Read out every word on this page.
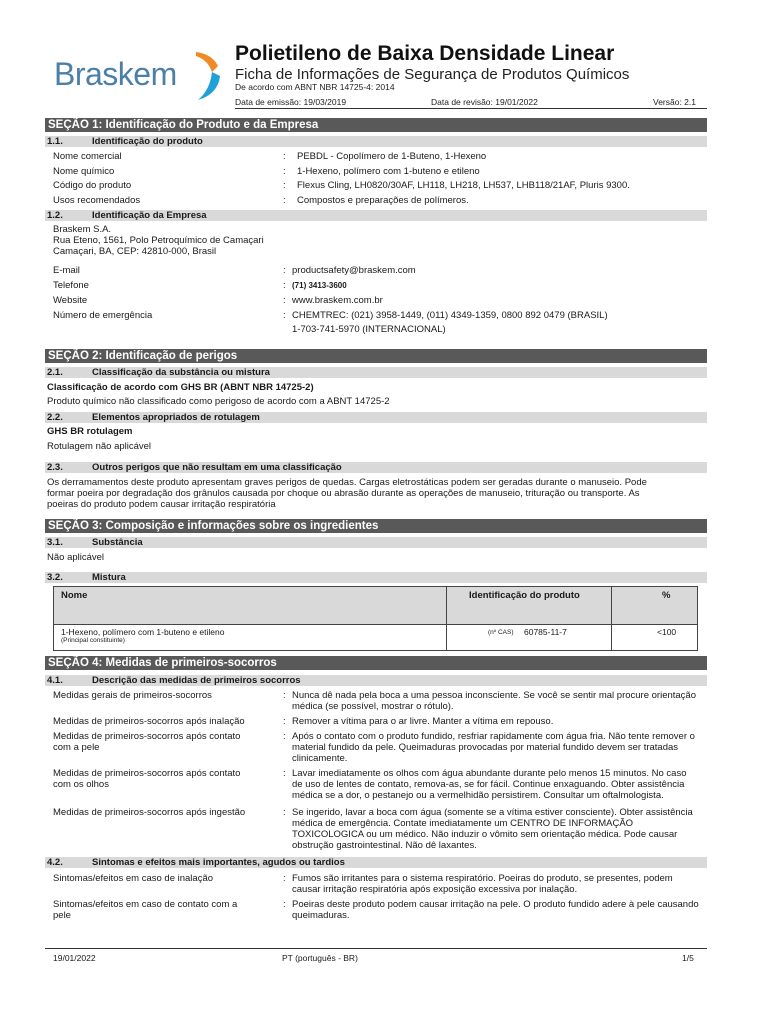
Braskem
Polietileno de Baixa Densidade Linear
Ficha de Informações de Segurança de Produtos Químicos
De acordo com ABNT NBR 14725-4: 2014
Data de emissão: 19/03/2019	Data de revisão: 19/01/2022	Versão: 2.1
SEÇÃO 1: Identificação do Produto e da Empresa
1.1.	Identificação do produto
Nome comercial	: PEBDL - Copolímero de 1-Buteno, 1-Hexeno
Nome químico	: 1-Hexeno, polímero com 1-buteno e etileno
Código do produto	: Flexus Cling, LH0820/30AF, LH118, LH218, LH537, LHB118/21AF, Pluris 9300.
Usos recomendados	: Compostos e preparações de polímeros.
1.2.	Identificação da Empresa
Braskem S.A.
Rua Eteno, 1561, Polo Petroquímico de Camaçari
Camaçari, BA, CEP: 42810-000, Brasil
E-mail	: productsafety@braskem.com
Telefone	: (71) 3413-3600
Website	: www.braskem.com.br
Número de emergência	: CHEMTREC: (021) 3958-1449, (011) 4349-1359, 0800 892 0479 (BRASIL)
1-703-741-5970 (INTERNACIONAL)
SEÇÃO 2: Identificação de perigos
2.1.	Classificação da substância ou mistura
Classificação de acordo com GHS BR (ABNT NBR 14725-2)
Produto químico não classificado como perigoso de acordo com a ABNT 14725-2
2.2.	Elementos apropriados de rotulagem
GHS BR rotulagem
Rotulagem não aplicável
2.3.	Outros perigos que não resultam em uma classificação
Os derramamentos deste produto apresentam graves perigos de quedas. Cargas eletrostáticas podem ser geradas durante o manuseio. Pode
formar poeira por degradação dos grânulos causada por choque ou abrasão durante as operações de manuseio, trituração ou transporte. As
poeiras do produto podem causar irritação respiratória
SEÇÃO 3: Composição e informações sobre os ingredientes
3.1.	Substância
Não aplicável
3.2.	Mistura
Nome	Identificação do produto	%
1-Hexeno, polímero com 1-buteno e etileno
(Principal constituinte)
(nº CAS) 60785-11-7	<100
SEÇÃO 4: Medidas de primeiros-socorros
4.1.	Descrição das medidas de primeiros socorros
Medidas gerais de primeiros-socorros	: Nunca dê nada pela boca a uma pessoa inconsciente. Se você se sentir mal procure orientação
médica (se possível, mostrar o rótulo).
Medidas de primeiros-socorros após inalação	: Remover a vítima para o ar livre. Manter a vítima em repouso.
Medidas de primeiros-socorros após contato
com a pele
: Após o contato com o produto fundido, resfriar rapidamente com água fria. Não tente remover o
material fundido da pele. Queimaduras provocadas por material fundido devem ser tratadas
clinicamente.
Medidas de primeiros-socorros após contato
com os olhos
: Lavar imediatamente os olhos com água abundante durante pelo menos 15 minutos. No caso
de uso de lentes de contato, remova-as, se for fácil. Continue enxaguando. Obter assistência
médica se a dor, o pestanejo ou a vermelhidão persistirem. Consultar um oftalmologista.
Medidas de primeiros-socorros após ingestão	: Se ingerido, lavar a boca com água (somente se a vítima estiver consciente). Obter assistência
médica de emergência. Contate imediatamente um CENTRO DE INFORMAÇÃO
TOXICOLOGICA ou um médico. Não induzir o vômito sem orientação médica. Pode causar
obstrução gastrointestinal. Não dê laxantes.
4.2.	Sintomas e efeitos mais importantes, agudos ou tardios
Sintomas/efeitos em caso de inalação	: Fumos são irritantes para o sistema respiratório. Poeiras do produto, se presentes, podem
causar irritação respiratória após exposição excessiva por inalação.
Sintomas/efeitos em caso de contato com a
pele
: Poeiras deste produto podem causar irritação na pele. O produto fundido adere à pele causando
queimaduras.
19/01/2022	PT (português - BR)	1/5
